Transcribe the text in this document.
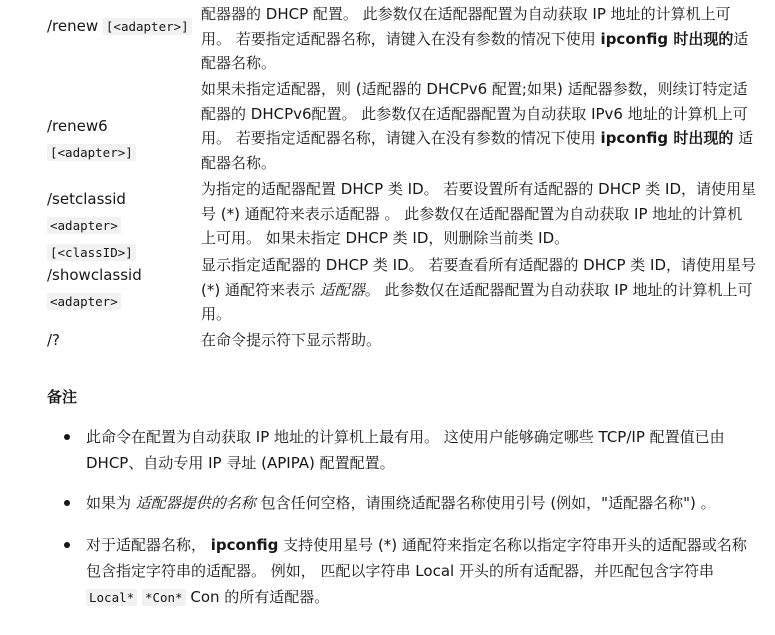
/renew [<adapter>]
配器器的 DHCP 配置。 此参数仅在适配器配置为自动获取 IP 地址的计算机上可用。 若要指定适配器名称，请键入在没有参数的情况下使用 ipconfig 时出现的适配器名称。
/renew6 [<adapter>]
如果未指定适配器，则 (适配器的 DHCPv6 配置;如果) 适配器参数，则续订特定适配器的 DHCPv6配置。 此参数仅在适配器配置为自动获取 IPv6 地址的计算机上可用。 若要指定适配器名称，请键入在没有参数的情况下使用 ipconfig 时出现的 适配器名称。
/setclassid <adapter>
[<classID>]
为指定的适配器配置 DHCP 类 ID。 若要设置所有适配器的 DHCP 类 ID，请使用星号 (*) 通配符来表示适配器 。 此参数仅在适配器配置为自动获取 IP 地址的计算机上可用。 如果未指定 DHCP 类 ID，则删除当前类 ID。
/showclassid
<adapter>
显示指定适配器的 DHCP 类 ID。 若要查看所有适配器的 DHCP 类 ID，请使用星号 (*) 通配符来表示 适配器。 此参数仅在适配器配置为自动获取 IP 地址的计算机上可用。
/?	在命令提示符下显示帮助。
备注
此命令在配置为自动获取 IP 地址的计算机上最有用。 这使用户能够确定哪些 TCP/IP 配置值已由 DHCP、自动专用 IP 寻址 (APIPA) 配置配置。
如果为 适配器提供的名称 包含任何空格，请围绕适配器名称使用引号 (例如，"适配器名称") 。
对于适配器名称， ipconfig 支持使用星号 (*) 通配符来指定名称以指定字符串开头的适配器或名称包含指定字符串的适配器。 例如， 匹配以字符串 Local 开头的所有适配器，并匹配包含字符串 Local* *Con* Con 的所有适配器。
